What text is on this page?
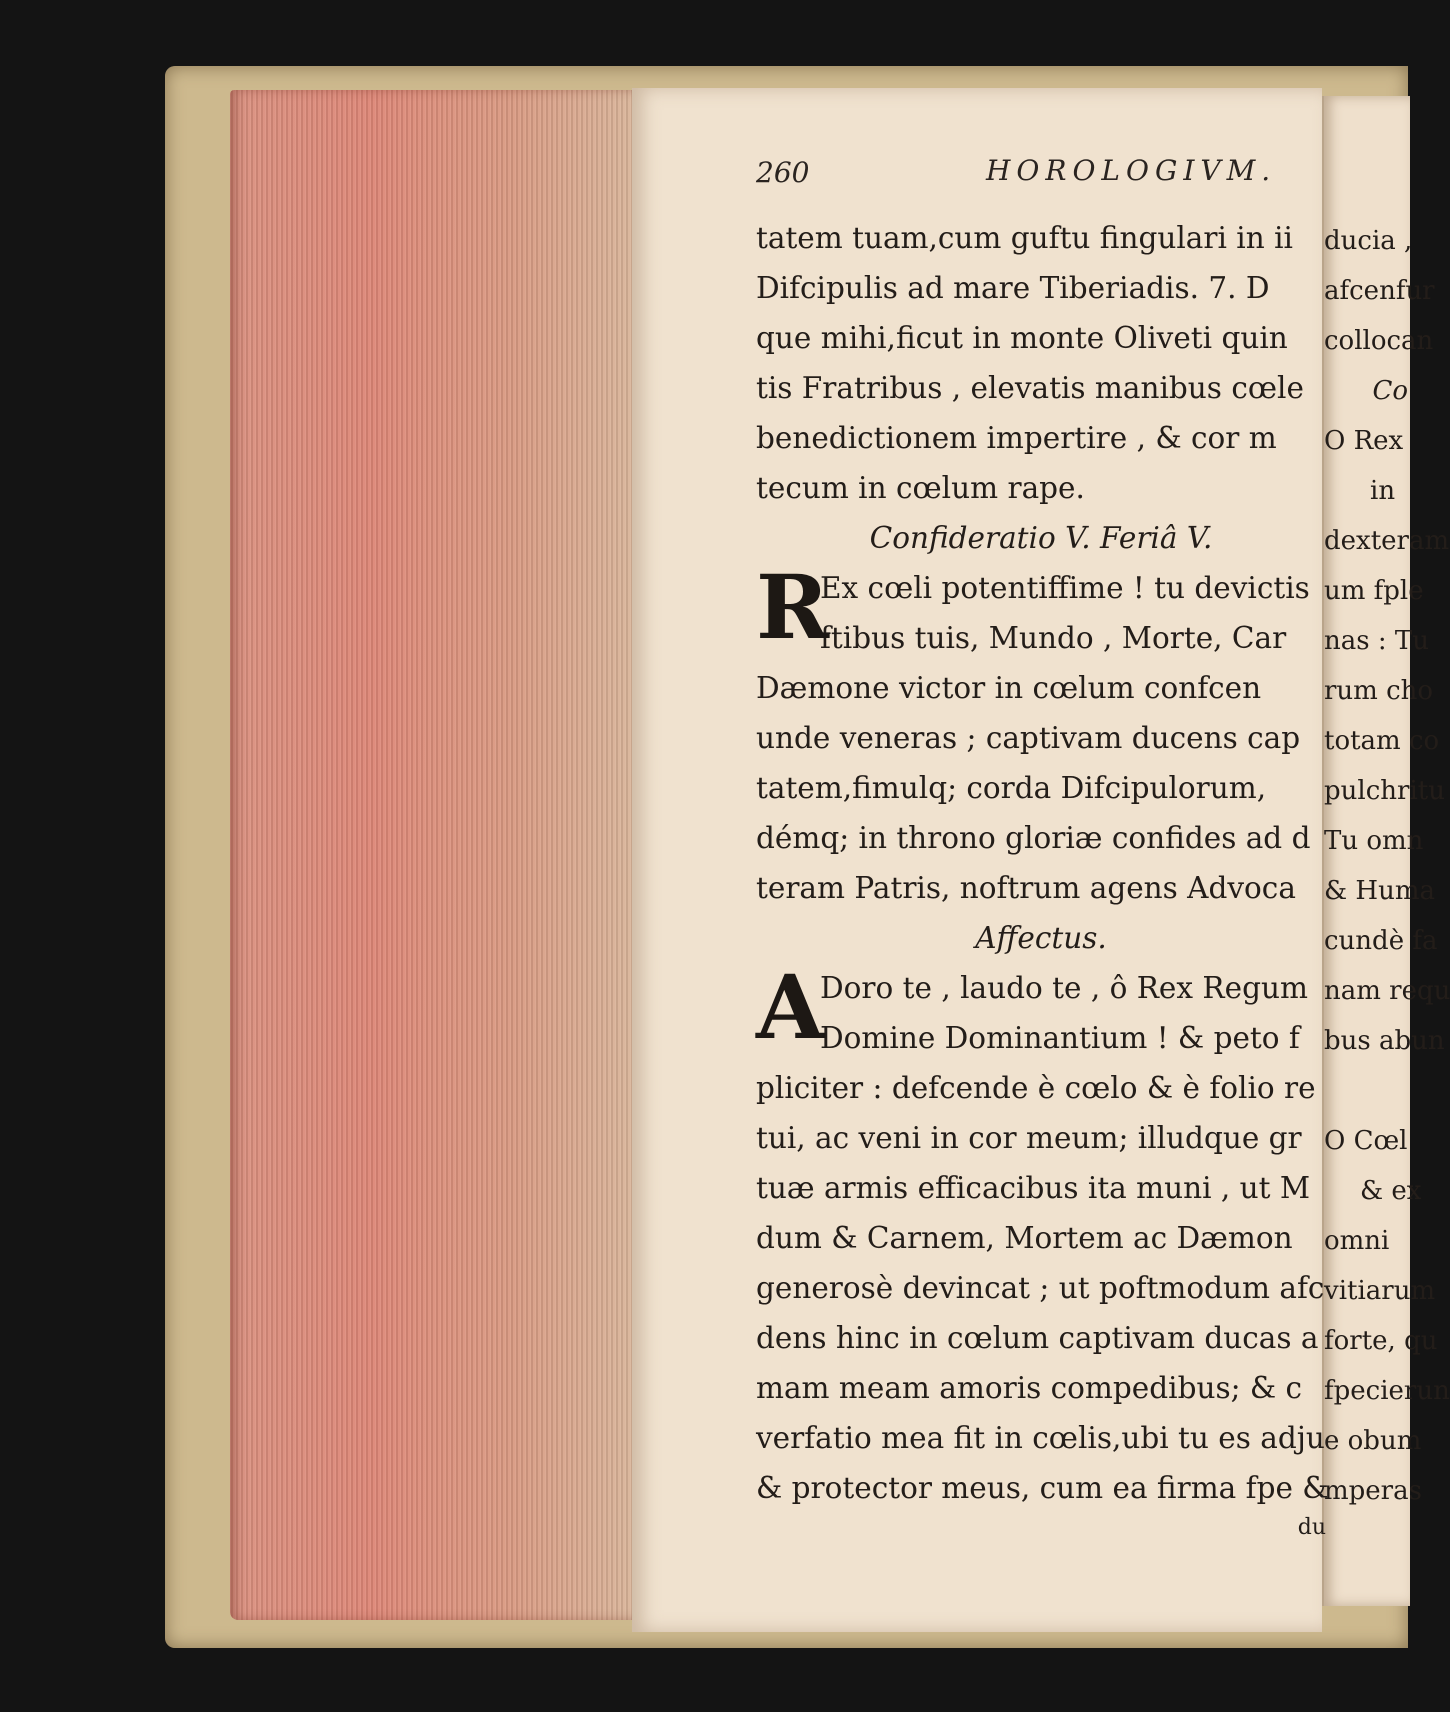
260	HOROLOGIVM.
tatem tuam,cum guftu fingulari in ii
Difcipulis ad mare Tiberiadis. 7. D
que mihi,ficut in monte Oliveti quin
tis Fratribus , elevatis manibus cœle
benedictionem impertire , & cor m
tecum in cœlum rape.
Confideratio V. Feriâ V.
R
Ex cœli potentiffime ! tu devictis
ftibus tuis, Mundo , Morte, Car
Dæmone victor in cœlum confcen
unde veneras ; captivam ducens cap
tatem,fimulq; corda Difcipulorum,
démq; in throno gloriæ confides ad d
teram Patris, noftrum agens Advoca
Affectus.
A
Doro te , laudo te , ô Rex Regum
Domine Dominantium ! & peto f
pliciter : defcende è cœlo & è folio re
tui, ac veni in cor meum; illudque gr
tuæ armis efficacibus ita muni , ut M
dum & Carnem, Mortem ac Dæmon
generosè devincat ; ut poftmodum afc
dens hinc in cœlum captivam ducas a
mam meam amoris compedibus; & c
verfatio mea fit in cœlis,ubi tu es adju
& protector meus, cum ea firma fpe &
du
ducia ,
afcenfur
collocan
Co
O Rex
in
dexteram
um fple
nas : Tu
rum cho
totam co
pulchritu
Tu omn
& Huma
cundè fa
nam requ
bus abun
O Cœl
& ex
omni
vitiarum
forte, qu
fpecierun
e obum
mperas
